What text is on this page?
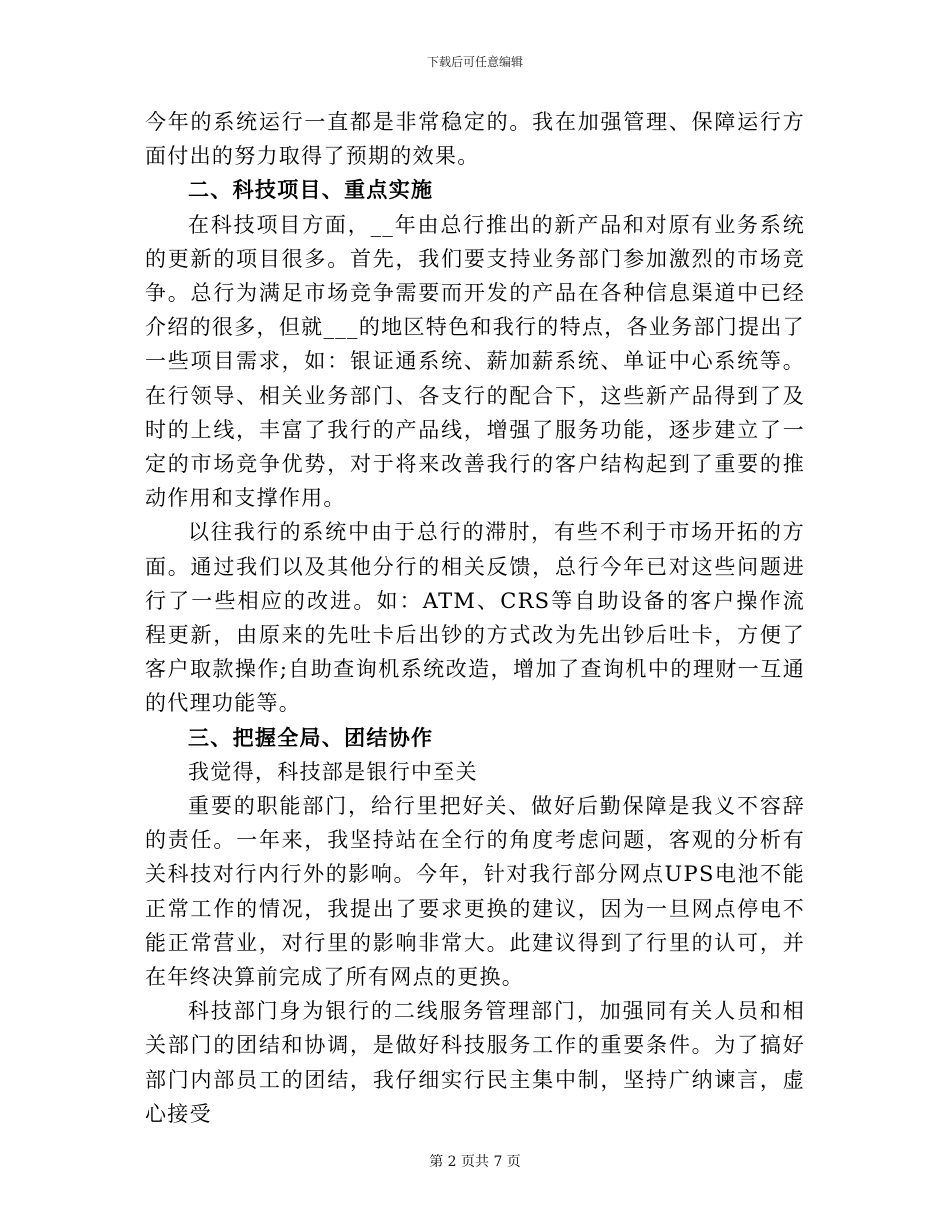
下载后可任意编辑

今年的系统运行一直都是非常稳定的。我在加强管理、保障运行方面付出的努力取得了预期的效果。

二、科技项目、重点实施

在科技项目方面，__年由总行推出的新产品和对原有业务系统的更新的项目很多。首先，我们要支持业务部门参加激烈的市场竞争。总行为满足市场竞争需要而开发的产品在各种信息渠道中已经介绍的很多，但就___的地区特色和我行的特点，各业务部门提出了一些项目需求，如：银证通系统、薪加薪系统、单证中心系统等。在行领导、相关业务部门、各支行的配合下，这些新产品得到了及时的上线，丰富了我行的产品线，增强了服务功能，逐步建立了一定的市场竞争优势，对于将来改善我行的客户结构起到了重要的推动作用和支撑作用。

以往我行的系统中由于总行的滞肘，有些不利于市场开拓的方面。通过我们以及其他分行的相关反馈，总行今年已对这些问题进行了一些相应的改进。如：ATM、CRS等自助设备的客户操作流程更新，由原来的先吐卡后出钞的方式改为先出钞后吐卡，方便了客户取款操作;自助查询机系统改造，增加了查询机中的理财一互通的代理功能等。

三、把握全局、团结协作

我觉得，科技部是银行中至关

重要的职能部门，给行里把好关、做好后勤保障是我义不容辞的责任。一年来，我坚持站在全行的角度考虑问题，客观的分析有关科技对行内行外的影响。今年，针对我行部分网点UPS电池不能正常工作的情况，我提出了要求更换的建议，因为一旦网点停电不能正常营业，对行里的影响非常大。此建议得到了行里的认可，并在年终决算前完成了所有网点的更换。

科技部门身为银行的二线服务管理部门，加强同有关人员和相关部门的团结和协调，是做好科技服务工作的重要条件。为了搞好部门内部员工的团结，我仔细实行民主集中制，坚持广纳谏言，虚心接受

第 2 页共 7 页
